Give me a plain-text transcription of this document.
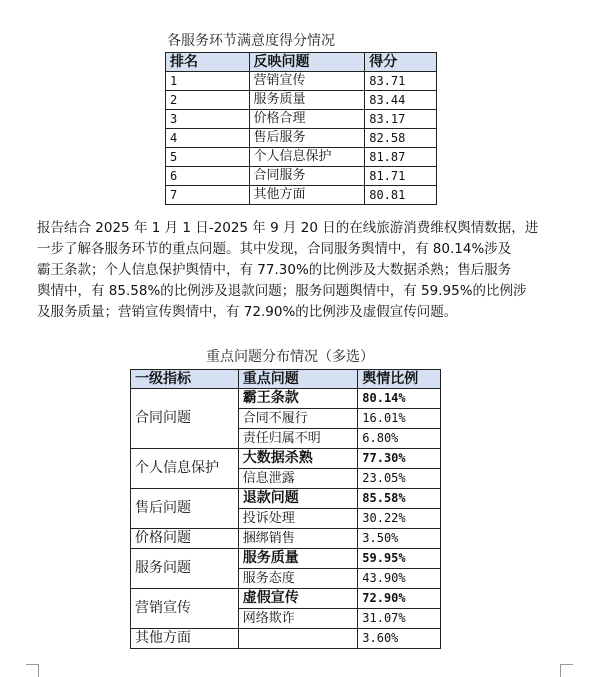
各服务环节满意度得分情况
排名	反映问题	得分
1	营销宣传	83.71
2	服务质量	83.44
3	价格合理	83.17
4	售后服务	82.58
5	个人信息保护	81.87
6	合同服务	81.71
7	其他方面	80.81
报告结合 2025 年 1 月 1 日-2025 年 9 月 20 日的在线旅游消费维权舆情数据，进
一步了解各服务环节的重点问题。其中发现，合同服务舆情中，有 80.14%涉及
霸王条款；个人信息保护舆情中，有 77.30%的比例涉及大数据杀熟；售后服务
舆情中，有 85.58%的比例涉及退款问题；服务问题舆情中，有 59.95%的比例涉
及服务质量；营销宣传舆情中，有 72.90%的比例涉及虚假宣传问题。
重点问题分布情况（多选）
一级指标	重点问题	舆情比例
合同问题	霸王条款	80.14%
	合同不履行	16.01%
	责任归属不明	6.80%
个人信息保护	大数据杀熟	77.30%
	信息泄露	23.05%
售后问题	退款问题	85.58%
	投诉处理	30.22%
价格问题	捆绑销售	3.50%
服务问题	服务质量	59.95%
	服务态度	43.90%
营销宣传	虚假宣传	72.90%
	网络欺诈	31.07%
其他方面		3.60%
